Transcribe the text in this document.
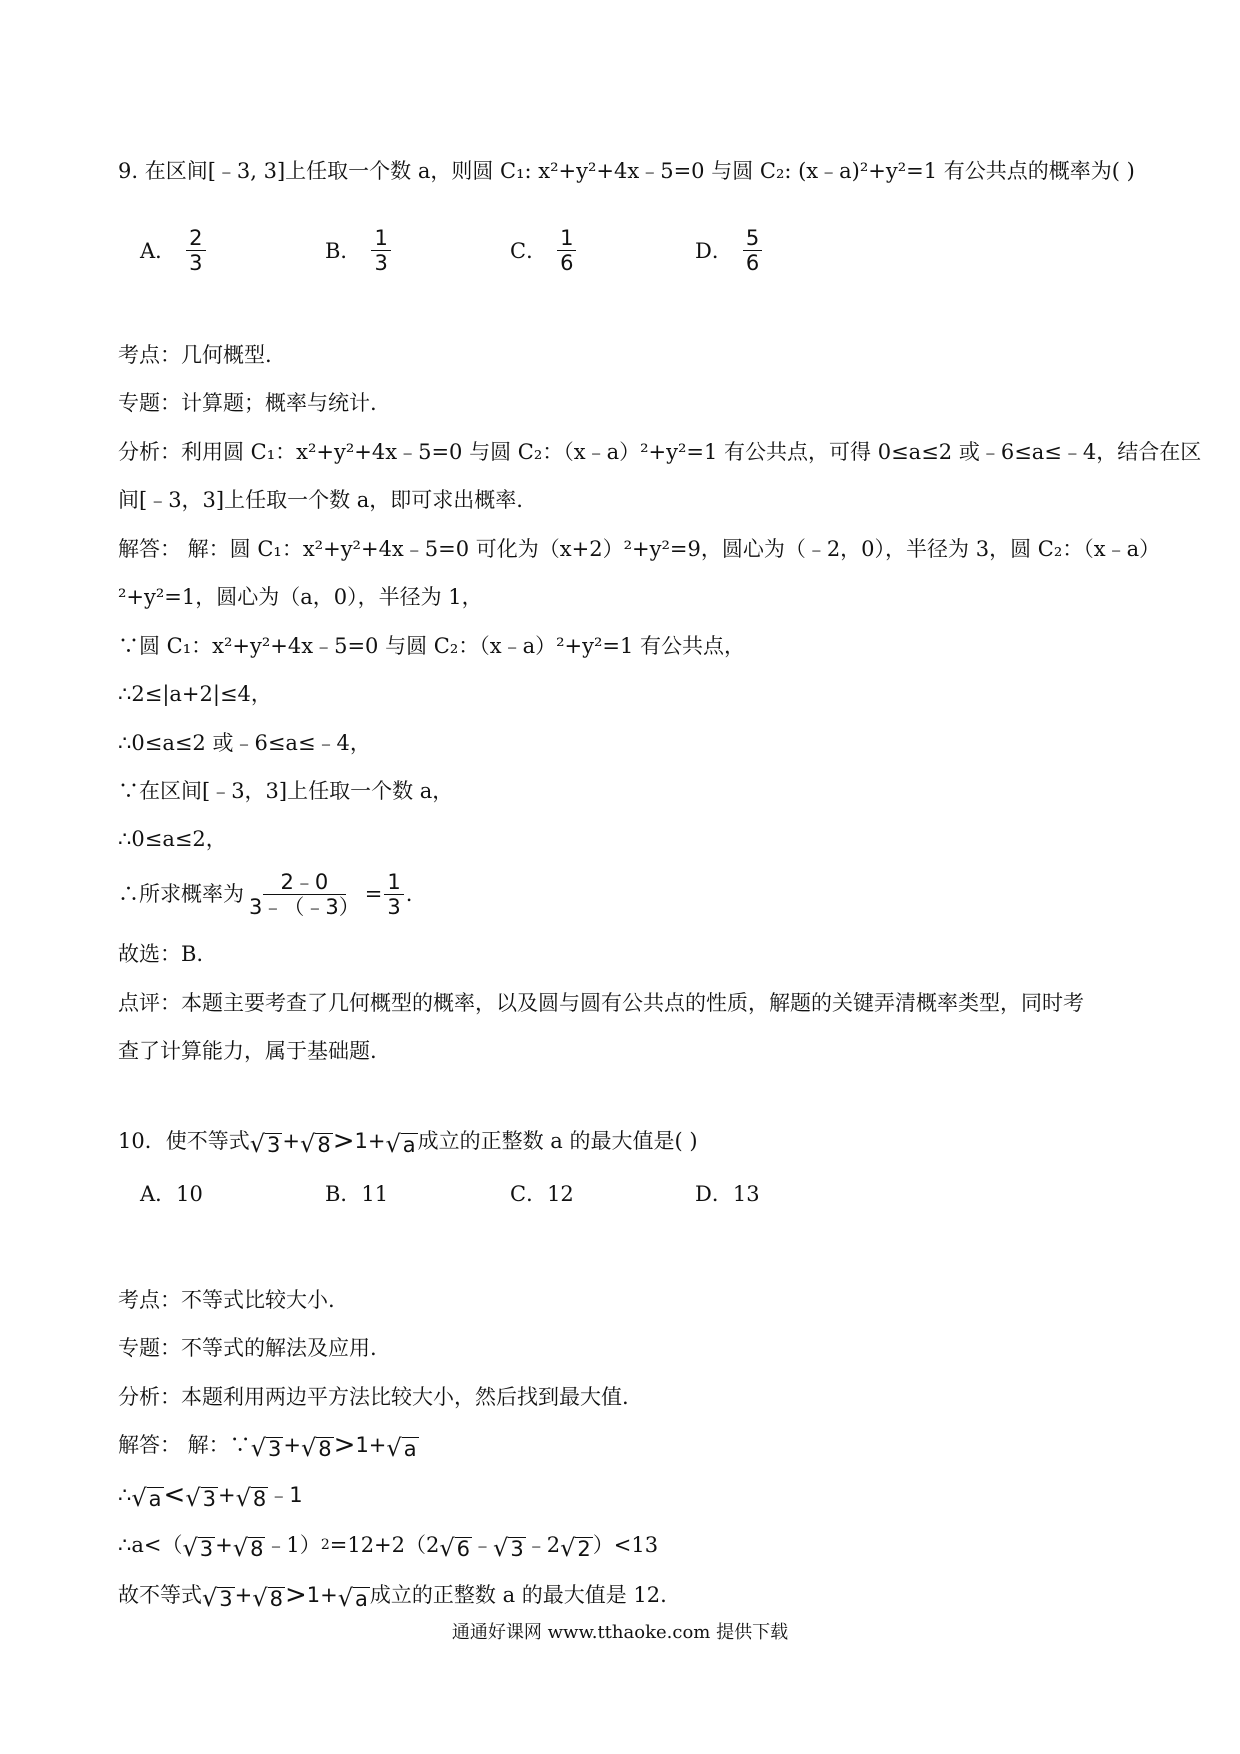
9. 在区间[﹣3, 3]上任取一个数 a，则圆 C₁: x²+y²+4x﹣5=0 与圆 C₂: (x﹣a)²+y²=1 有公共点的概率为( )
A． $\frac{2}{3}$	B． $\frac{1}{3}$	C． $\frac{1}{6}$	D． $\frac{5}{6}$
考点：几何概型.
专题：计算题；概率与统计.
分析：利用圆 C₁：x²+y²+4x﹣5=0 与圆 C₂：（x﹣a）²+y²=1 有公共点，可得 0≤a≤2 或﹣6≤a≤﹣4，结合在区
间[﹣3，3]上任取一个数 a，即可求出概率.
解答： 解：圆 C₁：x²+y²+4x﹣5=0 可化为（x+2）²+y²=9，圆心为（﹣2，0），半径为 3，圆 C₂：（x﹣a）
²+y²=1，圆心为（a，0），半径为 1，
∵圆 C₁：x²+y²+4x﹣5=0 与圆 C₂：（x﹣a）²+y²=1 有公共点，
∴2≤|a+2|≤4，
∴0≤a≤2 或﹣6≤a≤﹣4，
∵在区间[﹣3，3]上任取一个数 a，
∴0≤a≤2，
∴所求概率为 $\frac{2﹣0}{3﹣(﹣3)} = \frac{1}{3}$ .
故选：B.
点评：本题主要考查了几何概型的概率，以及圆与圆有公共点的性质，解题的关键弄清概率类型，同时考
查了计算能力，属于基础题.
10．使不等式 √ 3 + √ 8 > 1+ √ a 成立的正整数 a 的最大值是( )
A．10	B．11	C．12	D．13
考点：不等式比较大小.
专题：不等式的解法及应用.
分析：本题利用两边平方法比较大小，然后找到最大值.
解答： 解：∵ √ 3 + √ 8 > 1+ √ a
∴ √ a < √ 3 + √ 8 ﹣1
∴a<（ √ 3 + √ 8 ﹣1） 2 =12+2（2 √ 6 ﹣ √ 3 ﹣2 √ 2 ）<13
故不等式 √ 3 + √ 8 > 1+ √ a 成立的正整数 a 的最大值是 12.
通通好课网 www.tthaoke.com 提供下载
